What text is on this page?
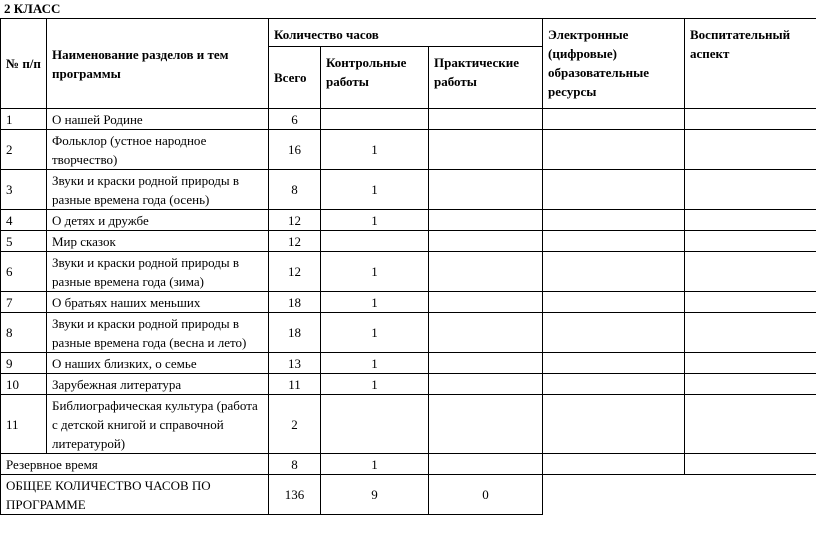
2 КЛАСС
№ п/п	Наименование разделов и тем программы	Количество часов			Электронные (цифровые) образовательные ресурсы	Воспитательный аспект
		Всего	Контрольные работы	Практические работы		
1	О нашей Родине	6				
2	Фольклор (устное народное творчество)	16	1			
3	Звуки и краски родной природы в разные времена года (осень)	8	1			
4	О детях и дружбе	12	1			
5	Мир сказок	12				
6	Звуки и краски родной природы в разные времена года (зима)	12	1			
7	О братьях наших меньших	18	1			
8	Звуки и краски родной природы в разные времена года (весна и лето)	18	1			
9	О наших близких, о семье	13	1			
10	Зарубежная литература	11	1			
11	Библиографическая культура (работа с детской книгой и справочной литературой)	2				
Резервное время		8	1			
ОБЩЕЕ КОЛИЧЕСТВО ЧАСОВ ПО ПРОГРАММЕ		136	9	0		
